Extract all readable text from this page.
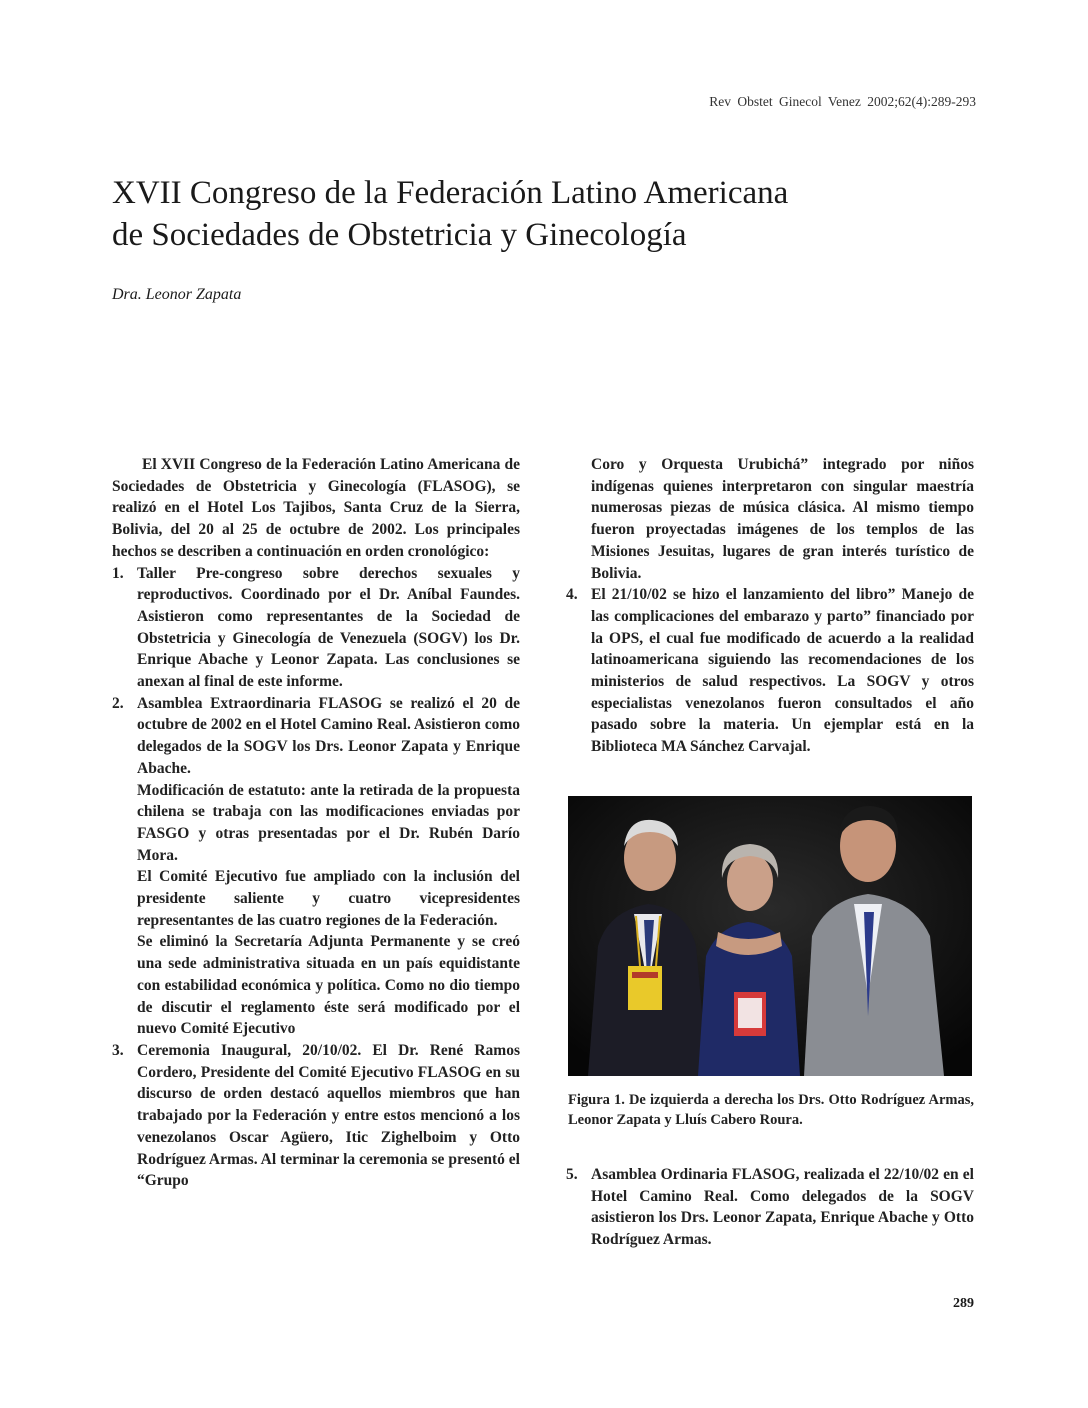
Rev Obstet Ginecol Venez 2002;62(4):289-293
XVII Congreso de la Federación Latino Americana
de Sociedades de Obstetricia y Ginecología
Dra. Leonor Zapata

El XVII Congreso de la Federación Latino Americana de Sociedades de Obstetricia y Ginecología (FLASOG), se realizó en el Hotel Los Tajibos, Santa Cruz de la Sierra, Bolivia, del 20 al 25 de octubre de 2002. Los principales hechos se describen a continuación en orden cronológico:

1. Taller Pre-congreso sobre derechos sexuales y reproductivos. Coordinado por el Dr. Aníbal Faundes. Asistieron como representantes de la Sociedad de Obstetricia y Ginecología de Venezuela (SOGV) los Dr. Enrique Abache y Leonor Zapata. Las conclusiones se anexan al final de este informe.

2. Asamblea Extraordinaria FLASOG se realizó el 20 de octubre de 2002 en el Hotel Camino Real. Asistieron como delegados de la SOGV los Drs. Leonor Zapata y Enrique Abache.

Modificación de estatuto: ante la retirada de la propuesta chilena se trabaja con las modificaciones enviadas por FASGO y otras presentadas por el Dr. Rubén Darío Mora.

El Comité Ejecutivo fue ampliado con la inclusión del presidente saliente y cuatro vicepresidentes representantes de las cuatro regiones de la Federación.

Se eliminó la Secretaría Adjunta Permanente y se creó una sede administrativa situada en un país equidistante con estabilidad económica y política. Como no dio tiempo de discutir el reglamento éste será modificado por el nuevo Comité Ejecutivo

3. Ceremonia Inaugural, 20/10/02. El Dr. René Ramos Cordero, Presidente del Comité Ejecutivo FLASOG en su discurso de orden destacó aquellos miembros que han trabajado por la Federación y entre estos mencionó a los venezolanos Oscar Agüero, Itic Zighelboim y Otto Rodríguez Armas. Al terminar la ceremonia se presentó el “Grupo

Coro y Orquesta Urubichá” integrado por niños indígenas quienes interpretaron con singular maestría numerosas piezas de música clásica. Al mismo tiempo fueron proyectadas imágenes de los templos de las Misiones Jesuitas, lugares de gran interés turístico de Bolivia.

4. El 21/10/02 se hizo el lanzamiento del libro” Manejo de las complicaciones del embarazo y parto” financiado por la OPS, el cual fue modificado de acuerdo a la realidad latinoamericana siguiendo las recomendaciones de los ministerios de salud respectivos. La SOGV y otros especialistas venezolanos fueron consultados el año pasado sobre la materia. Un ejemplar está en la Biblioteca MA Sánchez Carvajal.

Figura 1. De izquierda a derecha los Drs. Otto Rodríguez Armas, Leonor Zapata y Lluís Cabero Roura.

5. Asamblea Ordinaria FLASOG, realizada el 22/10/02 en el Hotel Camino Real. Como delegados de la SOGV asistieron los Drs. Leonor Zapata, Enrique Abache y Otto Rodríguez Armas.

289
